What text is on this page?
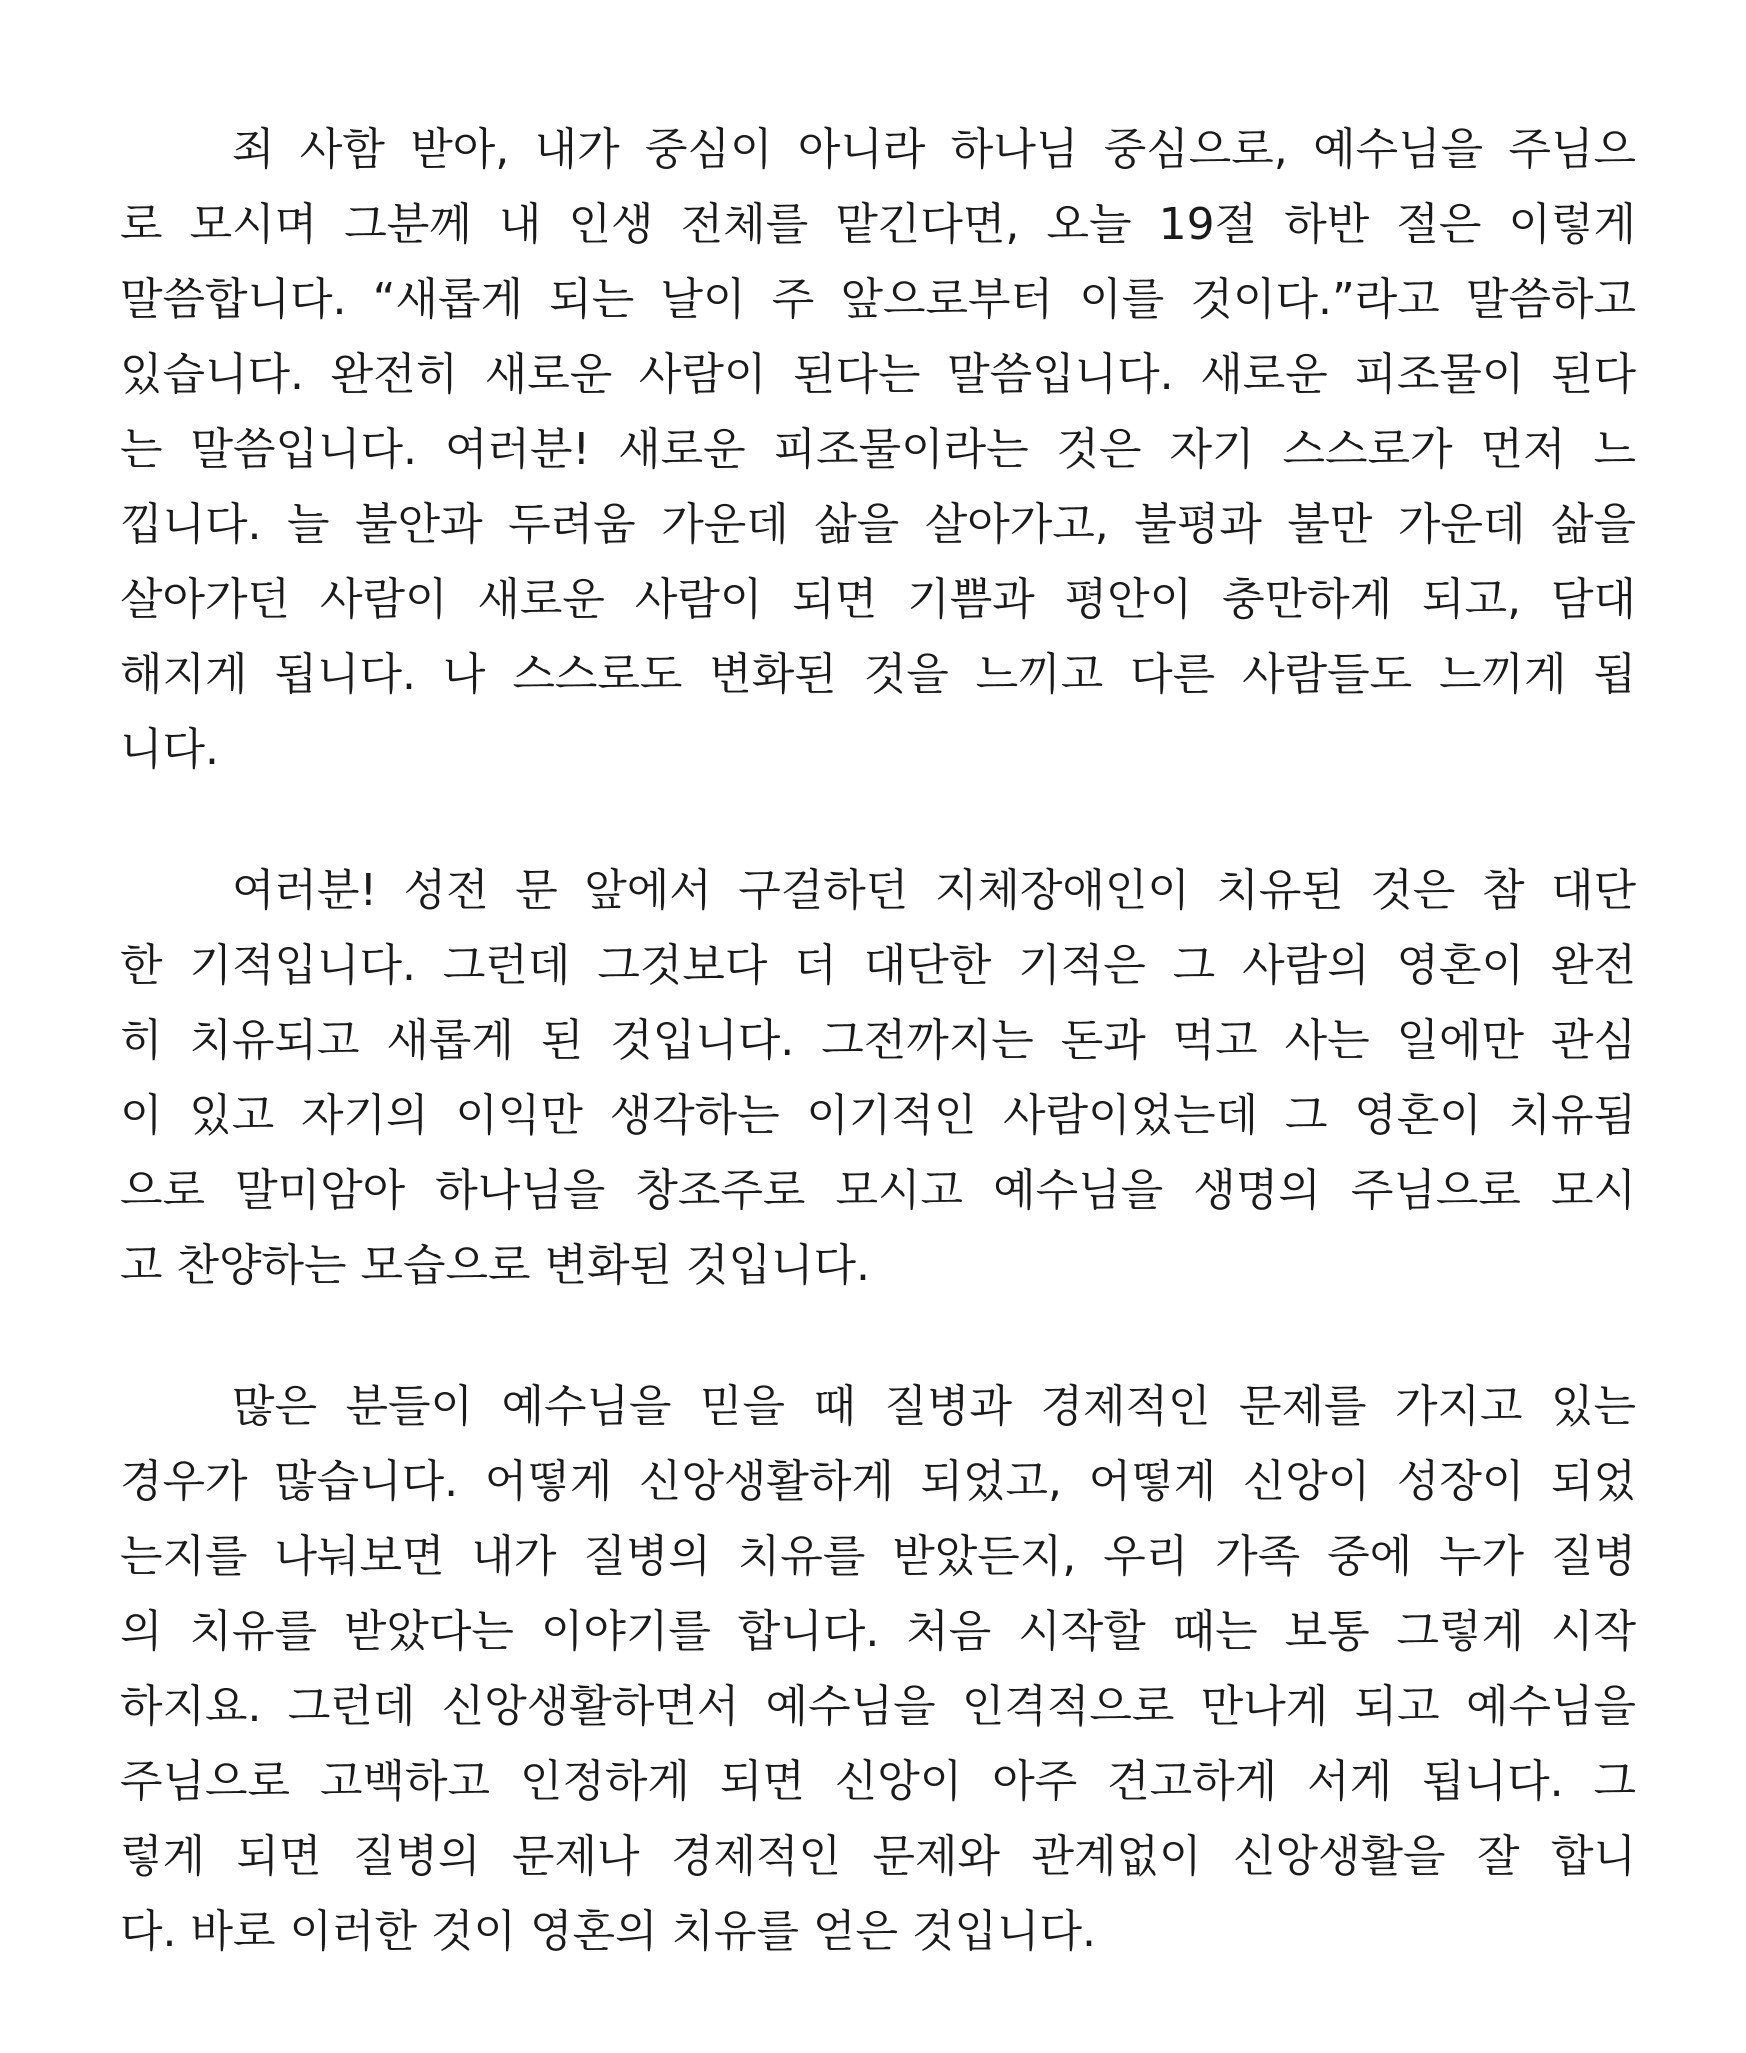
죄 사함 받아, 내가 중심이 아니라 하나님 중심으로, 예수님을 주님으
로 모시며 그분께 내 인생 전체를 맡긴다면, 오늘 19절 하반 절은 이렇게
말씀합니다. “새롭게 되는 날이 주 앞으로부터 이를 것이다.”라고 말씀하고
있습니다. 완전히 새로운 사람이 된다는 말씀입니다. 새로운 피조물이 된다
는 말씀입니다. 여러분! 새로운 피조물이라는 것은 자기 스스로가 먼저 느
낍니다. 늘 불안과 두려움 가운데 삶을 살아가고, 불평과 불만 가운데 삶을
살아가던 사람이 새로운 사람이 되면 기쁨과 평안이 충만하게 되고, 담대
해지게 됩니다. 나 스스로도 변화된 것을 느끼고 다른 사람들도 느끼게 됩
니다.
여러분! 성전 문 앞에서 구걸하던 지체장애인이 치유된 것은 참 대단
한 기적입니다. 그런데 그것보다 더 대단한 기적은 그 사람의 영혼이 완전
히 치유되고 새롭게 된 것입니다. 그전까지는 돈과 먹고 사는 일에만 관심
이 있고 자기의 이익만 생각하는 이기적인 사람이었는데 그 영혼이 치유됨
으로 말미암아 하나님을 창조주로 모시고 예수님을 생명의 주님으로 모시
고 찬양하는 모습으로 변화된 것입니다.
많은 분들이 예수님을 믿을 때 질병과 경제적인 문제를 가지고 있는
경우가 많습니다. 어떻게 신앙생활하게 되었고, 어떻게 신앙이 성장이 되었
는지를 나눠보면 내가 질병의 치유를 받았든지, 우리 가족 중에 누가 질병
의 치유를 받았다는 이야기를 합니다. 처음 시작할 때는 보통 그렇게 시작
하지요. 그런데 신앙생활하면서 예수님을 인격적으로 만나게 되고 예수님을
주님으로 고백하고 인정하게 되면 신앙이 아주 견고하게 서게 됩니다. 그
렇게 되면 질병의 문제나 경제적인 문제와 관계없이 신앙생활을 잘 합니
다. 바로 이러한 것이 영혼의 치유를 얻은 것입니다.
